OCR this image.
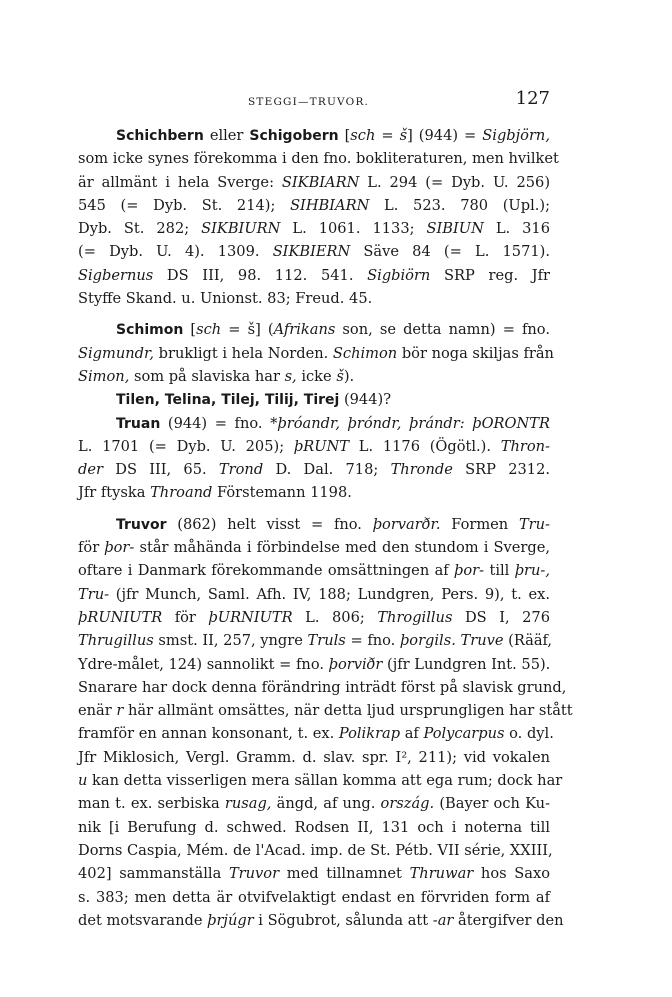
STEGGI—TRUVOR.	127
Schichbern eller Schigobern [sch = š] (944) = Sigbjörn,
som icke synes förekomma i den fno. bokliteraturen, men hvilket
är allmänt i hela Sverge: SIKBIARN L. 294 (= Dyb. U. 256)
545 (= Dyb. St. 214); SIHBIARN L. 523. 780 (Upl.);
Dyb. St. 282; SIKBIURN L. 1061. 1133; SIBIUN L. 316
(= Dyb. U. 4). 1309. SIKBIERN Säve 84 (= L. 1571).
Sigbernus DS III, 98. 112. 541. Sigbiörn SRP reg. Jfr
Styffe Skand. u. Unionst. 83; Freud. 45.
Schimon [sch = š] (Afrikans son, se detta namn) = fno.
Sigmundr, brukligt i hela Norden. Schimon bör noga skiljas från
Simon, som på slaviska har s, icke š).
Tilen, Telina, Tilej, Tilij, Tirej (944)?
Truan (944) = fno. *þróandr, þróndr, þrándr: þORONTR
L. 1701 (= Dyb. U. 205); þRUNT L. 1176 (Ögötl.). Thron-
der DS III, 65. Trond D. Dal. 718; Thronde SRP 2312.
Jfr ftyska Throand Förstemann 1198.
Truvor (862) helt visst = fno. þorvarðr. Formen Tru-
för þor- står måhända i förbindelse med den stundom i Sverge,
oftare i Danmark förekommande omsättningen af þor- till þru-,
Tru- (jfr Munch, Saml. Afh. IV, 188; Lundgren, Pers. 9), t. ex.
þRUNIUTR för þURNIUTR L. 806; Throgillus DS I, 276
Thrugillus smst. II, 257, yngre Truls = fno. þorgils. Truve (Rääf,
Ydre-målet, 124) sannolikt = fno. þorviðr (jfr Lundgren Int. 55).
Snarare har dock denna förändring inträdt först på slavisk grund,
enär r här allmänt omsättes, när detta ljud ursprungligen har stått
framför en annan konsonant, t. ex. Polikrap af Polycarpus o. dyl.
Jfr Miklosich, Vergl. Gramm. d. slav. spr. I², 211); vid vokalen
u kan detta visserligen mera sällan komma att ega rum; dock har
man t. ex. serbiska rusag, ängd, af ung. ország. (Bayer och Ku-
nik [i Berufung d. schwed. Rodsen II, 131 och i noterna till
Dorns Caspia, Mém. de l'Acad. imp. de St. Pétb. VII série, XXIII,
402] sammanställa Truvor med tillnamnet Thruwar hos Saxo
s. 383; men detta är otvifvelaktigt endast en förvriden form af
det motsvarande þrjúgr i Sögubrot, sålunda att -ar återgifver den
